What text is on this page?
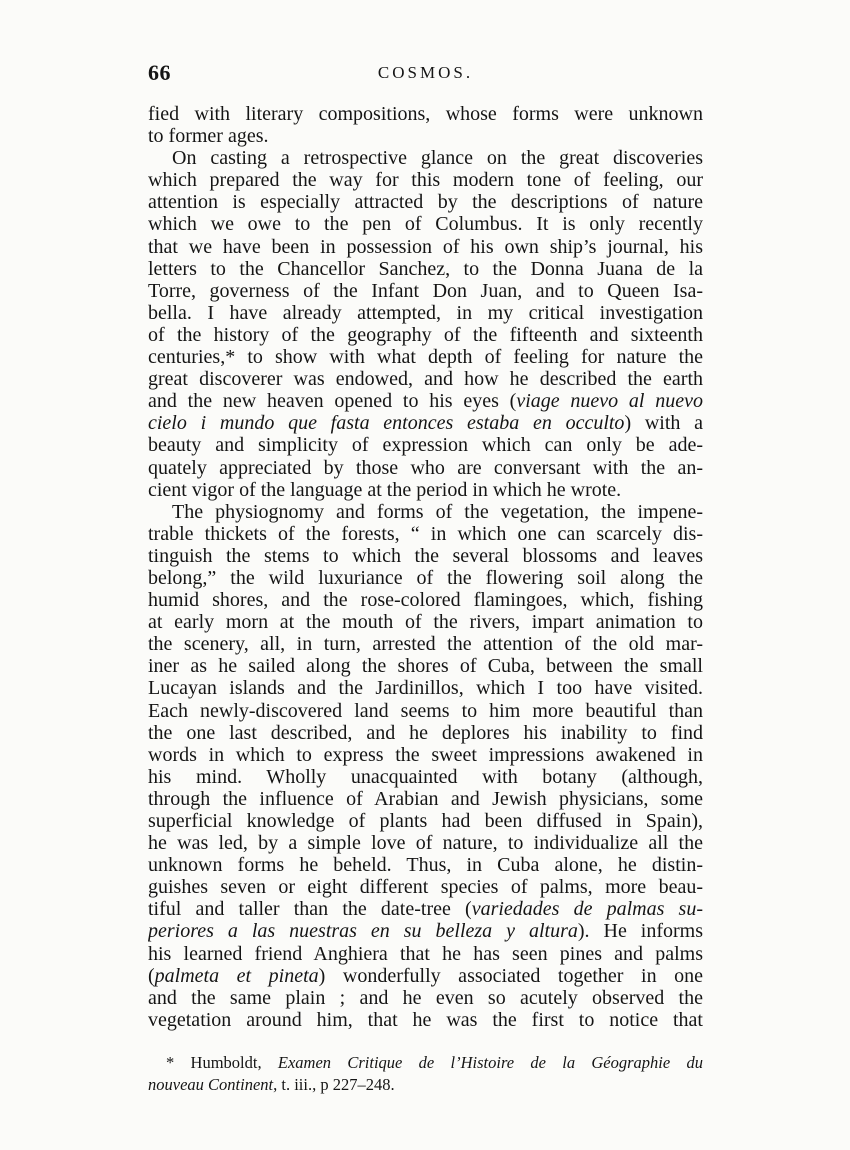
66	COSMOS.
fied with literary compositions, whose forms were unknown
to former ages.
On casting a retrospective glance on the great discoveries
which prepared the way for this modern tone of feeling, our
attention is especially attracted by the descriptions of nature
which we owe to the pen of Columbus. It is only recently
that we have been in possession of his own ship’s journal, his
letters to the Chancellor Sanchez, to the Donna Juana de la
Torre, governess of the Infant Don Juan, and to Queen Isa-
bella. I have already attempted, in my critical investigation
of the history of the geography of the fifteenth and sixteenth
centuries,* to show with what depth of feeling for nature the
great discoverer was endowed, and how he described the earth
and the new heaven opened to his eyes (viage nuevo al nuevo
cielo i mundo que fasta entonces estaba en occulto) with a
beauty and simplicity of expression which can only be ade-
quately appreciated by those who are conversant with the an-
cient vigor of the language at the period in which he wrote.
The physiognomy and forms of the vegetation, the impene-
trable thickets of the forests, “ in which one can scarcely dis-
tinguish the stems to which the several blossoms and leaves
belong,” the wild luxuriance of the flowering soil along the
humid shores, and the rose-colored flamingoes, which, fishing
at early morn at the mouth of the rivers, impart animation to
the scenery, all, in turn, arrested the attention of the old mar-
iner as he sailed along the shores of Cuba, between the small
Lucayan islands and the Jardinillos, which I too have visited.
Each newly-discovered land seems to him more beautiful than
the one last described, and he deplores his inability to find
words in which to express the sweet impressions awakened in
his mind. Wholly unacquainted with botany (although,
through the influence of Arabian and Jewish physicians, some
superficial knowledge of plants had been diffused in Spain),
he was led, by a simple love of nature, to individualize all the
unknown forms he beheld. Thus, in Cuba alone, he distin-
guishes seven or eight different species of palms, more beau-
tiful and taller than the date-tree (variedades de palmas su-
periores a las nuestras en su belleza y altura). He informs
his learned friend Anghiera that he has seen pines and palms
(palmeta et pineta) wonderfully associated together in one
and the same plain ; and he even so acutely observed the
vegetation around him, that he was the first to notice that
* Humboldt, Examen Critique de l’Histoire de la Géographie du
nouveau Continent, t. iii., p 227–248.
